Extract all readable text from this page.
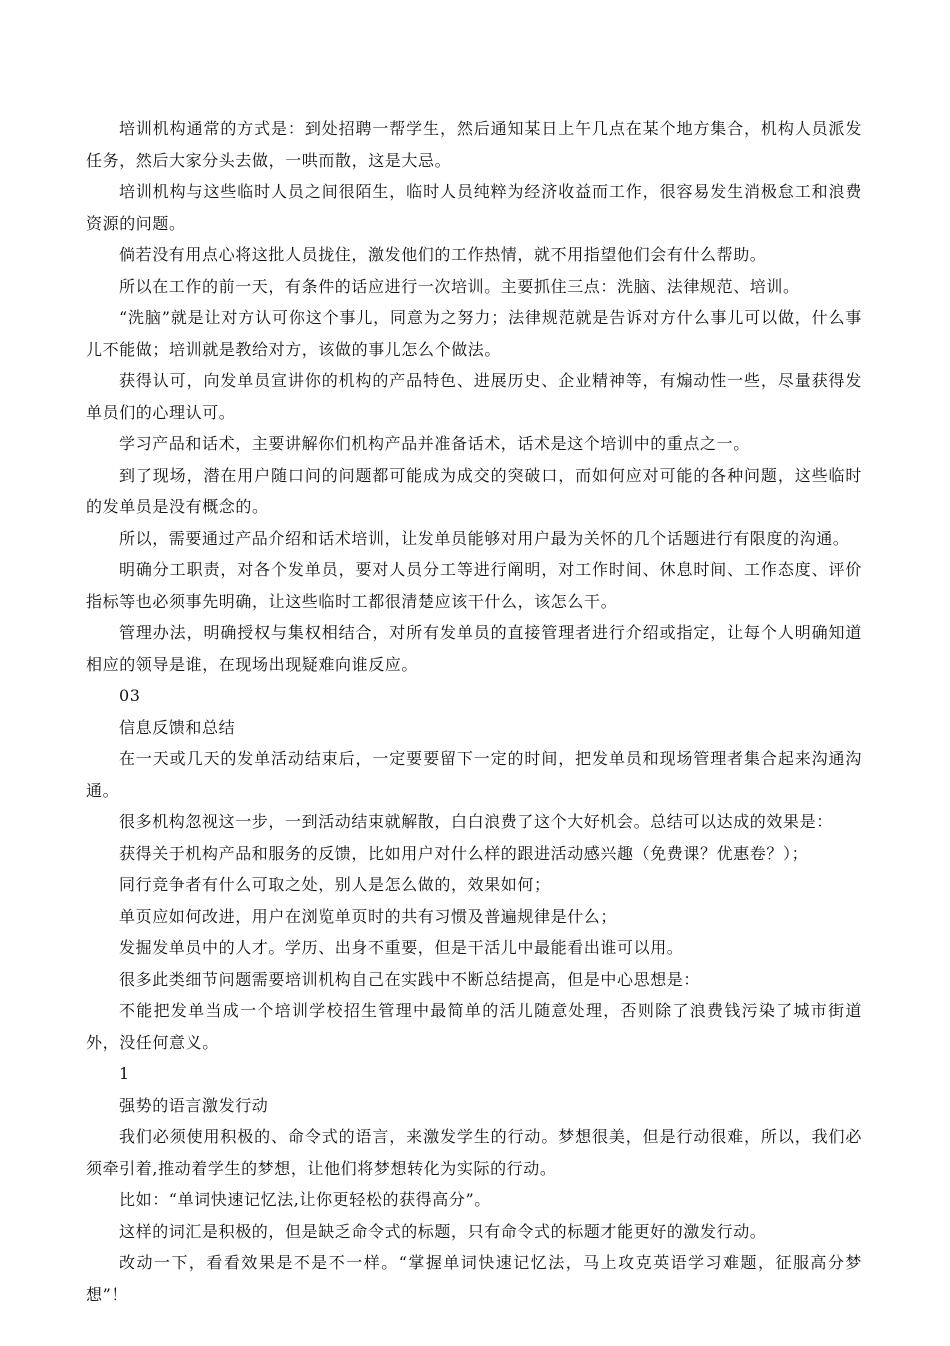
培训机构通常的方式是：到处招聘一帮学生，然后通知某日上午几点在某个地方集合，机构人员派发任务，然后大家分头去做，一哄而散，这是大忌。

培训机构与这些临时人员之间很陌生，临时人员纯粹为经济收益而工作，很容易发生消极怠工和浪费资源的问题。

倘若没有用点心将这批人员拢住，激发他们的工作热情，就不用指望他们会有什么帮助。

所以在工作的前一天，有条件的话应进行一次培训。主要抓住三点：洗脑、法律规范、培训。

“洗脑”就是让对方认可你这个事儿，同意为之努力；法律规范就是告诉对方什么事儿可以做，什么事儿不能做；培训就是教给对方，该做的事儿怎么个做法。

获得认可，向发单员宣讲你的机构的产品特色、进展历史、企业精神等，有煽动性一些，尽量获得发单员们的心理认可。

学习产品和话术，主要讲解你们机构产品并准备话术，话术是这个培训中的重点之一。

到了现场，潜在用户随口问的问题都可能成为成交的突破口，而如何应对可能的各种问题，这些临时的发单员是没有概念的。

所以，需要通过产品介绍和话术培训，让发单员能够对用户最为关怀的几个话题进行有限度的沟通。

明确分工职责，对各个发单员，要对人员分工等进行阐明，对工作时间、休息时间、工作态度、评价指标等也必须事先明确，让这些临时工都很清楚应该干什么，该怎么干。

管理办法，明确授权与集权相结合，对所有发单员的直接管理者进行介绍或指定，让每个人明确知道相应的领导是谁，在现场出现疑难向谁反应。

03

信息反馈和总结

在一天或几天的发单活动结束后，一定要要留下一定的时间，把发单员和现场管理者集合起来沟通沟通。

很多机构忽视这一步，一到活动结束就解散，白白浪费了这个大好机会。总结可以达成的效果是：

获得关于机构产品和服务的反馈，比如用户对什么样的跟进活动感兴趣（免费课？优惠卷？）；

同行竞争者有什么可取之处，别人是怎么做的，效果如何；

单页应如何改进，用户在浏览单页时的共有习惯及普遍规律是什么；

发掘发单员中的人才。学历、出身不重要，但是干活儿中最能看出谁可以用。

很多此类细节问题需要培训机构自己在实践中不断总结提高，但是中心思想是：

不能把发单当成一个培训学校招生管理中最简单的活儿随意处理，否则除了浪费钱污染了城市街道外，没任何意义。

1

强势的语言激发行动

我们必须使用积极的、命令式的语言，来激发学生的行动。梦想很美，但是行动很难，所以，我们必须牵引着,推动着学生的梦想，让他们将梦想转化为实际的行动。

比如：“单词快速记忆法,让你更轻松的获得高分”。

这样的词汇是积极的，但是缺乏命令式的标题，只有命令式的标题才能更好的激发行动。

改动一下，看看效果是不是不一样。“掌握单词快速记忆法，马上攻克英语学习难题，征服高分梦想”！
